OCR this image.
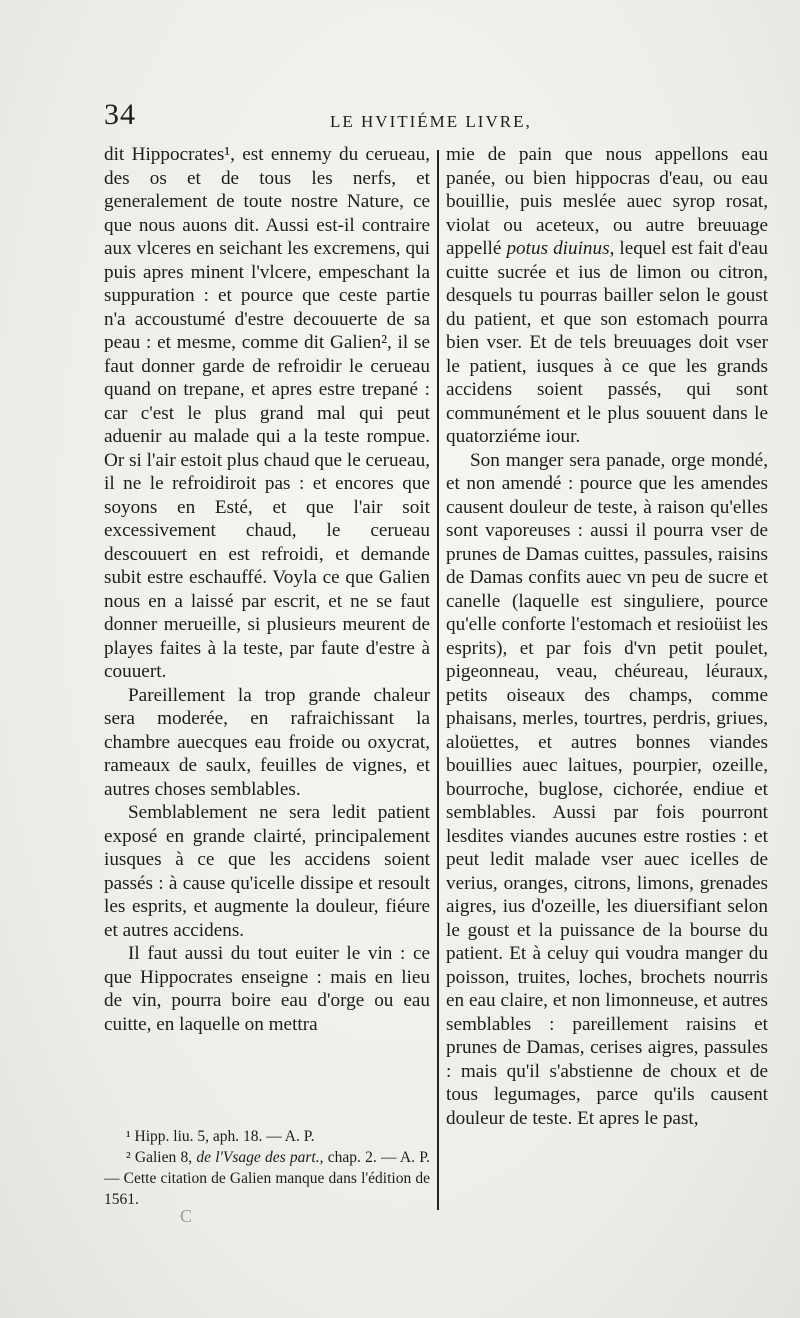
34	LE HVITIÉME LIVRE,

dit Hippocrates¹, est ennemy du cerueau, des os et de tous les nerfs, et generalement de toute nostre Nature, ce que nous auons dit. Aussi est-il contraire aux vlceres en seichant les excremens, qui puis apres minent l'vlcere, empeschant la suppuration : et pource que ceste partie n'a accoustumé d'estre decouuerte de sa peau : et mesme, comme dit Galien², il se faut donner garde de refroidir le cerueau quand on trepane, et apres estre trepané : car c'est le plus grand mal qui peut aduenir au malade qui a la teste rompue. Or si l'air estoit plus chaud que le cerueau, il ne le refroidiroit pas : et encores que soyons en Esté, et que l'air soit excessivement chaud, le cerueau descouuert en est refroidi, et demande subit estre eschauffé. Voyla ce que Galien nous en a laissé par escrit, et ne se faut donner merueille, si plusieurs meurent de playes faites à la teste, par faute d'estre à couuert.

Pareillement la trop grande chaleur sera moderée, en rafraichissant la chambre auecques eau froide ou oxycrat, rameaux de saulx, feuilles de vignes, et autres choses semblables.

Semblablement ne sera ledit patient exposé en grande clairté, principalement iusques à ce que les accidens soient passés : à cause qu'icelle dissipe et resoult les esprits, et augmente la douleur, fiéure et autres accidens.

Il faut aussi du tout euiter le vin : ce que Hippocrates enseigne : mais en lieu de vin, pourra boire eau d'orge ou eau cuitte, en laquelle on mettra

¹ Hipp. liu. 5, aph. 18. — A. P.

² Galien 8, de l'Vsage des part., chap. 2. — A. P. — Cette citation de Galien manque dans l'édition de 1561.

C

mie de pain que nous appellons eau panée, ou bien hippocras d'eau, ou eau bouillie, puis meslée auec syrop rosat, violat ou aceteux, ou autre breuuage appellé potus diuinus, lequel est fait d'eau cuitte sucrée et ius de limon ou citron, desquels tu pourras bailler selon le goust du patient, et que son estomach pourra bien vser. Et de tels breuuages doit vser le patient, iusques à ce que les grands accidens soient passés, qui sont communément et le plus souuent dans le quatorziéme iour.

Son manger sera panade, orge mondé, et non amendé : pource que les amendes causent douleur de teste, à raison qu'elles sont vaporeuses : aussi il pourra vser de prunes de Damas cuittes, passules, raisins de Damas confits auec vn peu de sucre et canelle (laquelle est singuliere, pource qu'elle conforte l'estomach et resioüist les esprits), et par fois d'vn petit poulet, pigeonneau, veau, chéureau, léuraux, petits oiseaux des champs, comme phaisans, merles, tourtres, perdris, griues, aloüettes, et autres bonnes viandes bouillies auec laitues, pourpier, ozeille, bourroche, buglose, cichorée, endiue et semblables. Aussi par fois pourront lesdites viandes aucunes estre rosties : et peut ledit malade vser auec icelles de verius, oranges, citrons, limons, grenades aigres, ius d'ozeille, les diuersifiant selon le goust et la puissance de la bourse du patient. Et à celuy qui voudra manger du poisson, truites, loches, brochets nourris en eau claire, et non limonneuse, et autres semblables : pareillement raisins et prunes de Damas, cerises aigres, passules : mais qu'il s'abstienne de choux et de tous legumages, parce qu'ils causent douleur de teste. Et apres le past,
